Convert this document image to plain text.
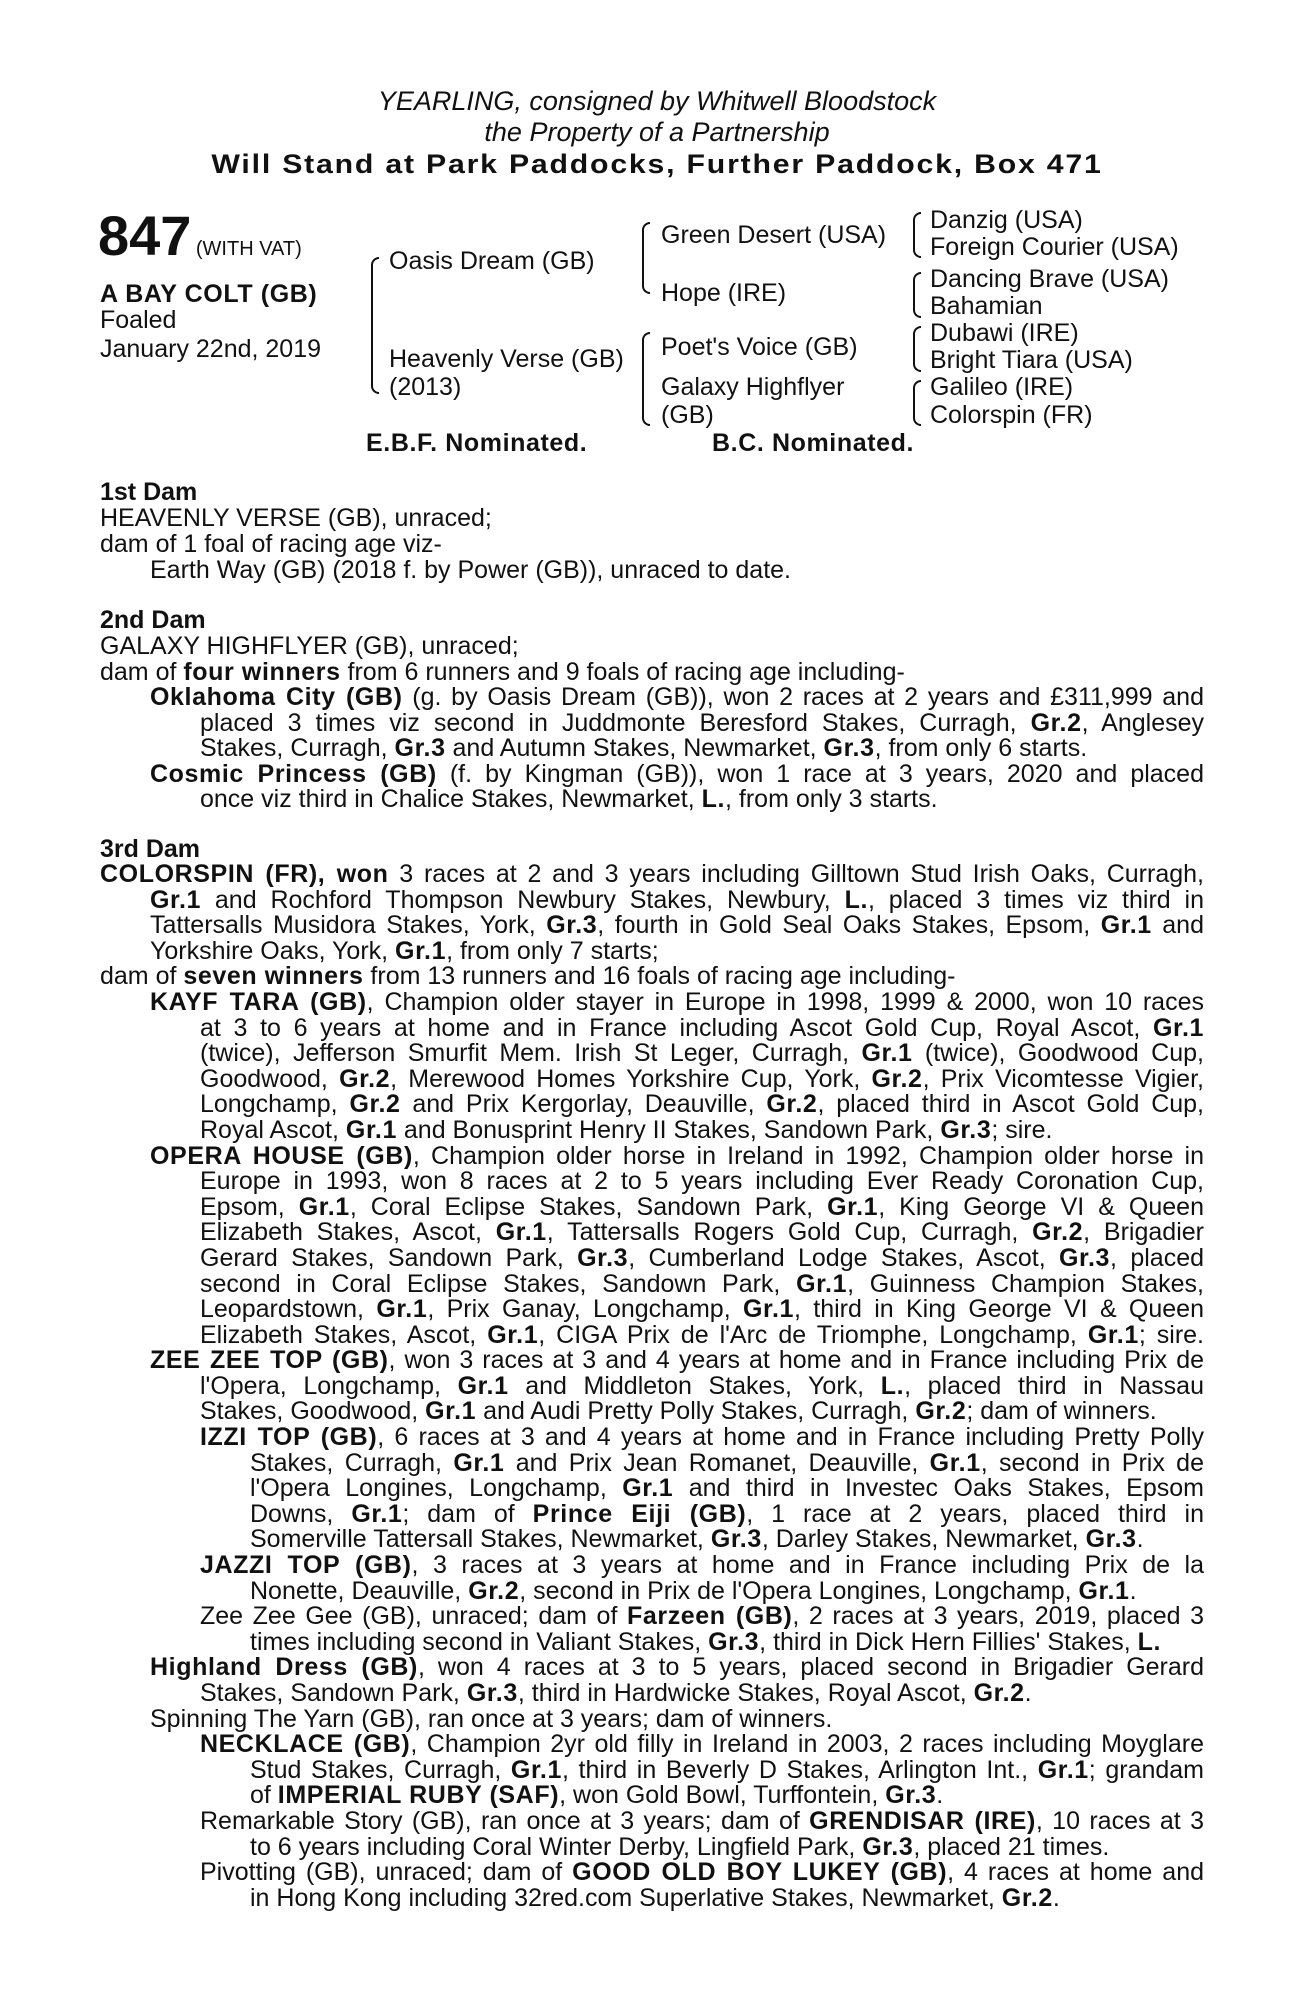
YEARLING, consigned by Whitwell Bloodstock
the Property of a Partnership
Will Stand at Park Paddocks, Further Paddock, Box 471
847 (WITH VAT)
A BAY COLT (GB)
Foaled
January 22nd, 2019
Oasis Dream (GB)
Heavenly Verse (GB)
(2013)
Green Desert (USA)
Hope (IRE)
Poet's Voice (GB)
Galaxy Highflyer
(GB)
Danzig (USA)
Foreign Courier (USA)
Dancing Brave (USA)
Bahamian
Dubawi (IRE)
Bright Tiara (USA)
Galileo (IRE)
Colorspin (FR)
E.B.F. Nominated.	B.C. Nominated.

1st Dam

HEAVENLY VERSE (GB), unraced;
dam of 1 foal of racing age viz-
Earth Way (GB) (2018 f. by Power (GB)), unraced to date.

2nd Dam

GALAXY HIGHFLYER (GB), unraced;
dam of four winners from 6 runners and 9 foals of racing age including-
Oklahoma City (GB) (g. by Oasis Dream (GB)), won 2 races at 2 years and £311,999 and
placed 3 times viz second in Juddmonte Beresford Stakes, Curragh, Gr.2, Anglesey
Stakes, Curragh, Gr.3 and Autumn Stakes, Newmarket, Gr.3, from only 6 starts.
Cosmic Princess (GB) (f. by Kingman (GB)), won 1 race at 3 years, 2020 and placed
once viz third in Chalice Stakes, Newmarket, L., from only 3 starts.

3rd Dam

COLORSPIN (FR), won 3 races at 2 and 3 years including Gilltown Stud Irish Oaks, Curragh,
Gr.1 and Rochford Thompson Newbury Stakes, Newbury, L., placed 3 times viz third in
Tattersalls Musidora Stakes, York, Gr.3, fourth in Gold Seal Oaks Stakes, Epsom, Gr.1 and
Yorkshire Oaks, York, Gr.1, from only 7 starts;
dam of seven winners from 13 runners and 16 foals of racing age including-
KAYF TARA (GB), Champion older stayer in Europe in 1998, 1999 & 2000, won 10 races
at 3 to 6 years at home and in France including Ascot Gold Cup, Royal Ascot, Gr.1
(twice), Jefferson Smurfit Mem. Irish St Leger, Curragh, Gr.1 (twice), Goodwood Cup,
Goodwood, Gr.2, Merewood Homes Yorkshire Cup, York, Gr.2, Prix Vicomtesse Vigier,
Longchamp, Gr.2 and Prix Kergorlay, Deauville, Gr.2, placed third in Ascot Gold Cup,
Royal Ascot, Gr.1 and Bonusprint Henry II Stakes, Sandown Park, Gr.3; sire.
OPERA HOUSE (GB), Champion older horse in Ireland in 1992, Champion older horse in
Europe in 1993, won 8 races at 2 to 5 years including Ever Ready Coronation Cup,
Epsom, Gr.1, Coral Eclipse Stakes, Sandown Park, Gr.1, King George VI & Queen
Elizabeth Stakes, Ascot, Gr.1, Tattersalls Rogers Gold Cup, Curragh, Gr.2, Brigadier
Gerard Stakes, Sandown Park, Gr.3, Cumberland Lodge Stakes, Ascot, Gr.3, placed
second in Coral Eclipse Stakes, Sandown Park, Gr.1, Guinness Champion Stakes,
Leopardstown, Gr.1, Prix Ganay, Longchamp, Gr.1, third in King George VI & Queen
Elizabeth Stakes, Ascot, Gr.1, CIGA Prix de l'Arc de Triomphe, Longchamp, Gr.1; sire.
ZEE ZEE TOP (GB), won 3 races at 3 and 4 years at home and in France including Prix de
l'Opera, Longchamp, Gr.1 and Middleton Stakes, York, L., placed third in Nassau
Stakes, Goodwood, Gr.1 and Audi Pretty Polly Stakes, Curragh, Gr.2; dam of winners.
IZZI TOP (GB), 6 races at 3 and 4 years at home and in France including Pretty Polly
Stakes, Curragh, Gr.1 and Prix Jean Romanet, Deauville, Gr.1, second in Prix de
l'Opera Longines, Longchamp, Gr.1 and third in Investec Oaks Stakes, Epsom
Downs, Gr.1; dam of Prince Eiji (GB), 1 race at 2 years, placed third in
Somerville Tattersall Stakes, Newmarket, Gr.3, Darley Stakes, Newmarket, Gr.3.
JAZZI TOP (GB), 3 races at 3 years at home and in France including Prix de la
Nonette, Deauville, Gr.2, second in Prix de l'Opera Longines, Longchamp, Gr.1.
Zee Zee Gee (GB), unraced; dam of Farzeen (GB), 2 races at 3 years, 2019, placed 3
times including second in Valiant Stakes, Gr.3, third in Dick Hern Fillies' Stakes, L.
Highland Dress (GB), won 4 races at 3 to 5 years, placed second in Brigadier Gerard
Stakes, Sandown Park, Gr.3, third in Hardwicke Stakes, Royal Ascot, Gr.2.
Spinning The Yarn (GB), ran once at 3 years; dam of winners.
NECKLACE (GB), Champion 2yr old filly in Ireland in 2003, 2 races including Moyglare
Stud Stakes, Curragh, Gr.1, third in Beverly D Stakes, Arlington Int., Gr.1; grandam
of IMPERIAL RUBY (SAF), won Gold Bowl, Turffontein, Gr.3.
Remarkable Story (GB), ran once at 3 years; dam of GRENDISAR (IRE), 10 races at 3
to 6 years including Coral Winter Derby, Lingfield Park, Gr.3, placed 21 times.
Pivotting (GB), unraced; dam of GOOD OLD BOY LUKEY (GB), 4 races at home and
in Hong Kong including 32red.com Superlative Stakes, Newmarket, Gr.2.
